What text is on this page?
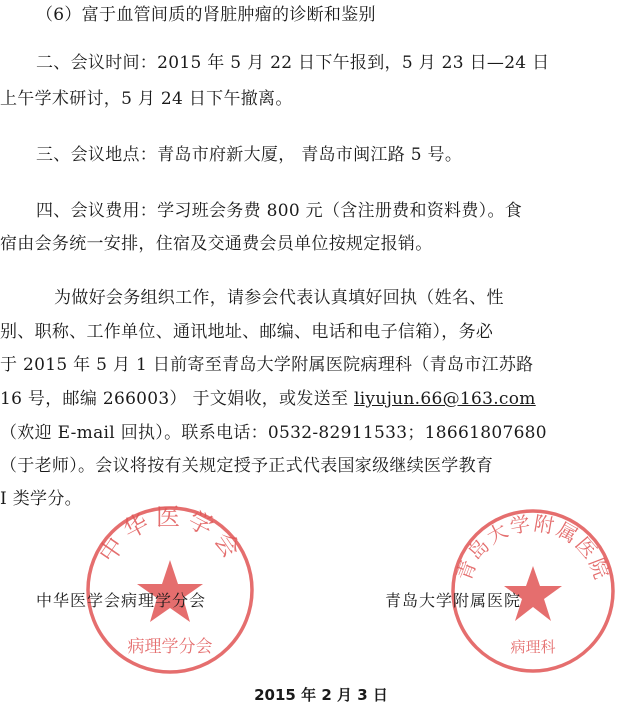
（6）富于血管间质的肾脏肿瘤的诊断和鉴别
二、会议时间：2015 年 5 月 22 日下午报到，5 月 23 日—24 日
上午学术研讨，5 月 24 日下午撤离。
三、会议地点：青岛市府新大厦， 青岛市闽江路 5 号。
四、会议费用：学习班会务费 800 元（含注册费和资料费）。食
宿由会务统一安排，住宿及交通费会员单位按规定报销。
为做好会务组织工作，请参会代表认真填好回执（姓名、性
别、职称、工作单位、通讯地址、邮编、电话和电子信箱），务必
于 2015 年 5 月 1 日前寄至青岛大学附属医院病理科（青岛市江苏路
16 号，邮编 266003） 于文娟收，或发送至 liyujun.66@163.com
（欢迎 E-mail 回执）。联系电话：0532-82911533；18661807680
（于老师）。会议将按有关规定授予正式代表国家级继续医学教育
I 类学分。
中华医学会
病理学分会
青岛大学附属医院
病理科
中华医学会病理学分会	青岛大学附属医院
2015 年 2 月 3 日
